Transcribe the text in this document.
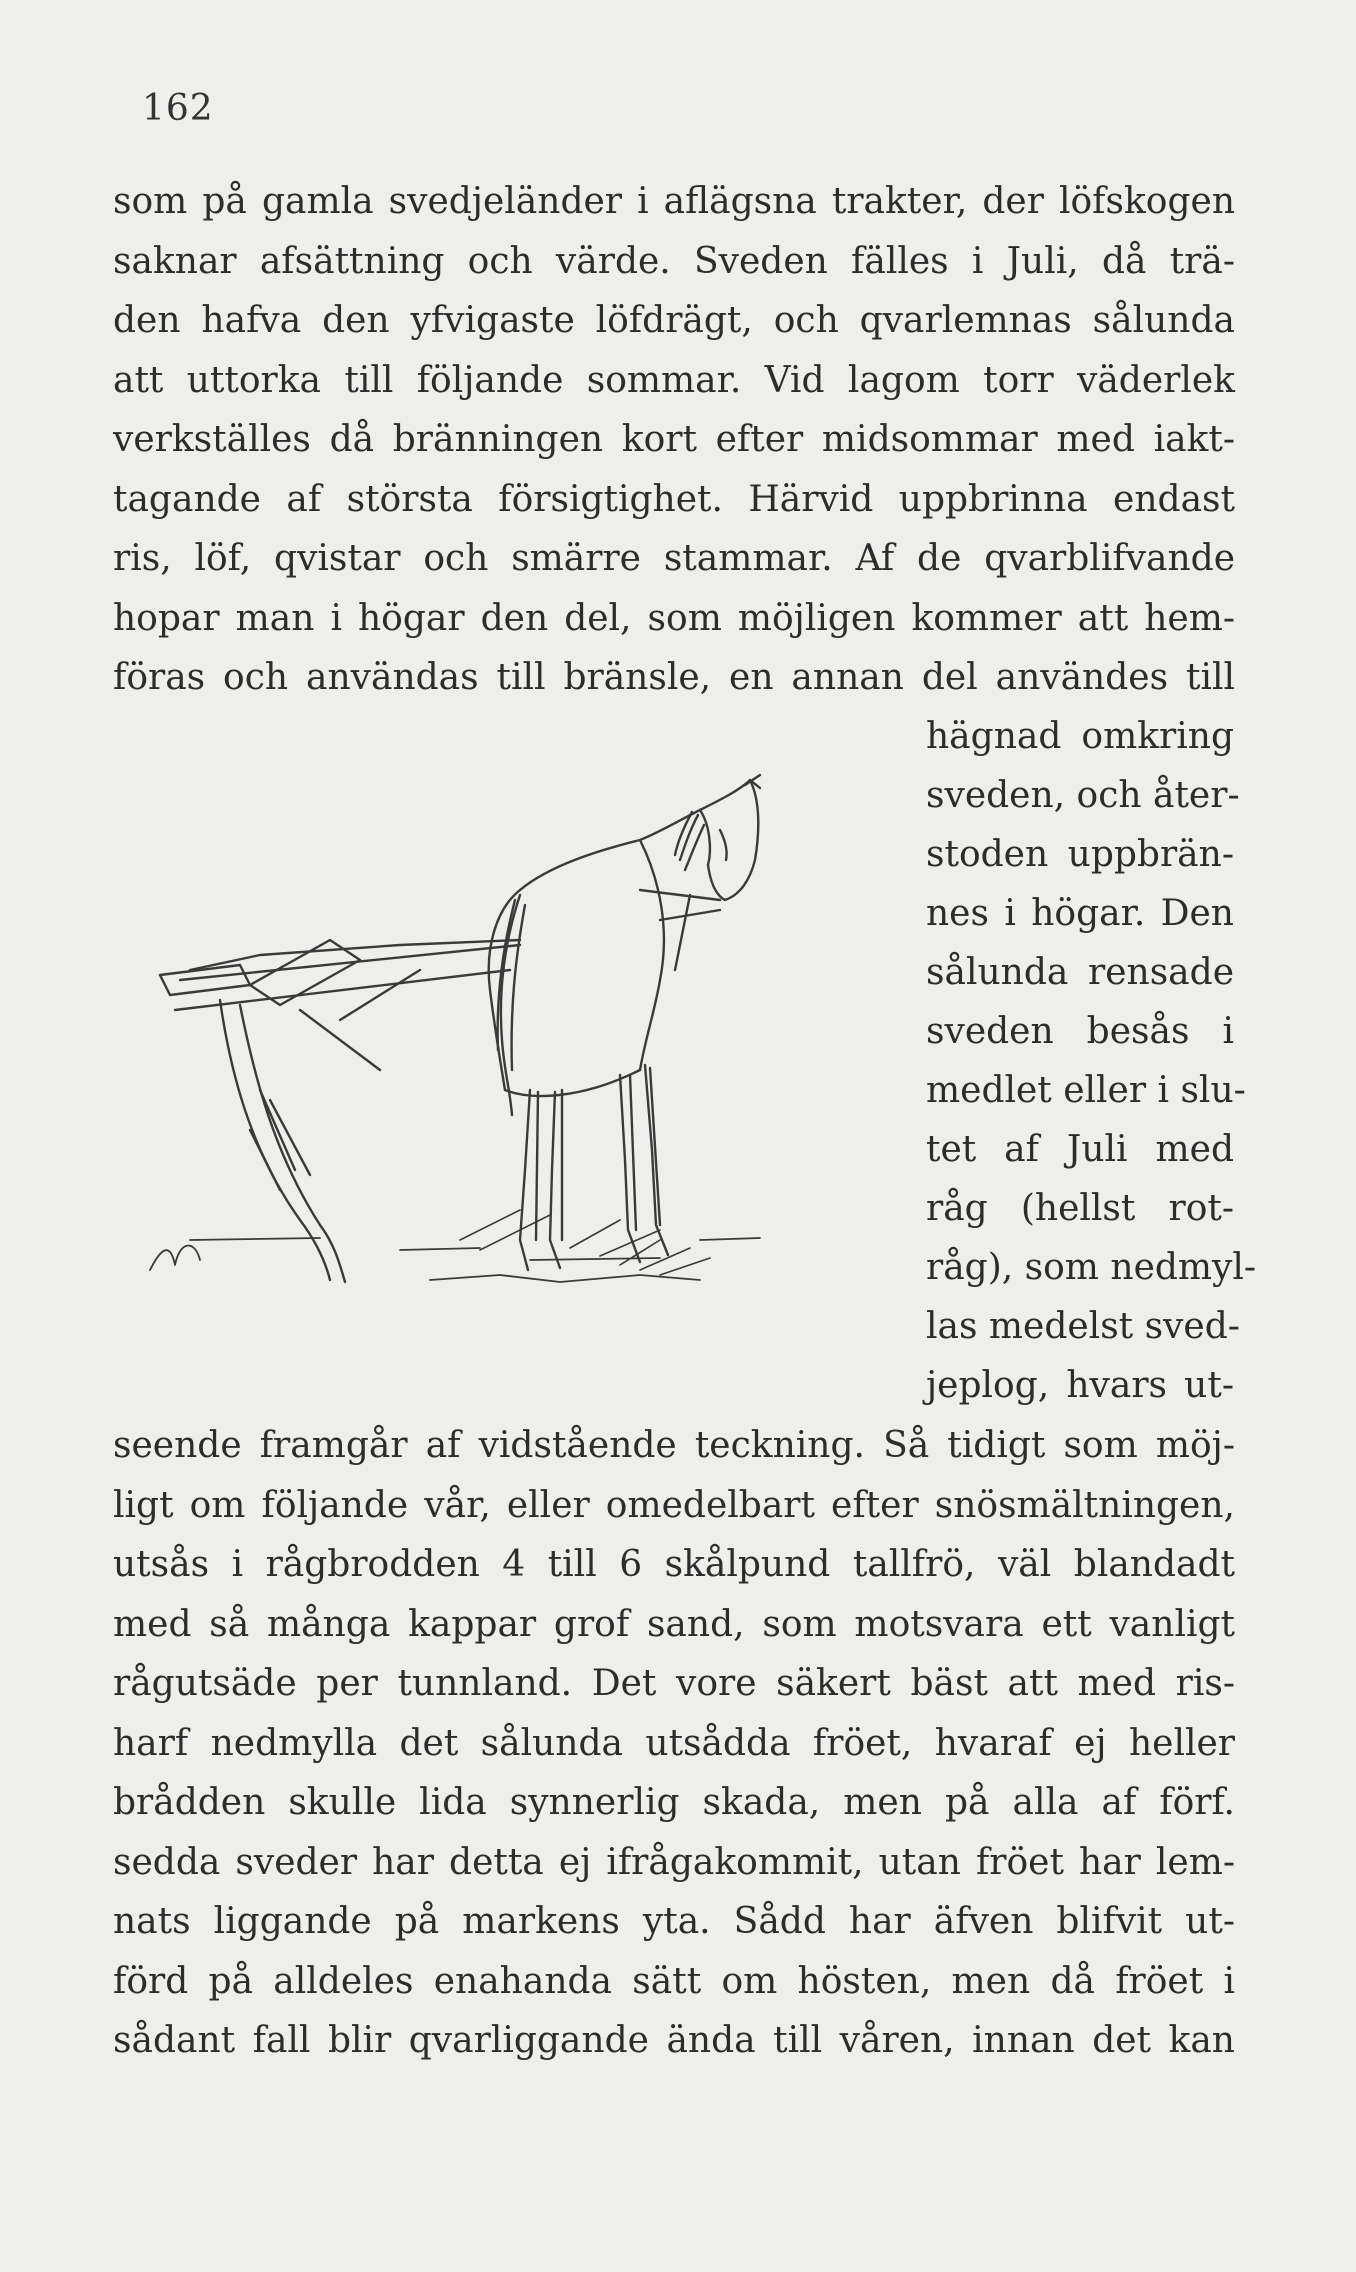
162
som på gamla svedjeländer i aflägsna trakter, der löfskogen
saknar afsättning och värde. Sveden fälles i Juli, då trä-
den hafva den yfvigaste löfdrägt, och qvarlemnas sålunda
att uttorka till följande sommar. Vid lagom torr väderlek
verkställes då bränningen kort efter midsommar med iakt-
tagande af största försigtighet. Härvid uppbrinna endast
ris, löf, qvistar och smärre stammar. Af de qvarblifvande
hopar man i högar den del, som möjligen kommer att hem-
föras och användas till bränsle, en annan del användes till
hägnad omkring
sveden, och åter-
stoden uppbrän-
nes i högar. Den
sålunda rensade
sveden besås i
medlet eller i slu-
tet af Juli med
råg (hellst rot-
råg), som nedmyl-
las medelst sved-
jeplog, hvars ut-
seende framgår af vidstående teckning. Så tidigt som möj-
ligt om följande vår, eller omedelbart efter snösmältningen,
utsås i rågbrodden 4 till 6 skålpund tallfrö, väl blandadt
med så många kappar grof sand, som motsvara ett vanligt
rågutsäde per tunnland. Det vore säkert bäst att med ris-
harf nedmylla det sålunda utsådda fröet, hvaraf ej heller
brådden skulle lida synnerlig skada, men på alla af förf.
sedda sveder har detta ej ifrågakommit, utan fröet har lem-
nats liggande på markens yta. Sådd har äfven blifvit ut-
förd på alldeles enahanda sätt om hösten, men då fröet i
sådant fall blir qvarliggande ända till våren, innan det kan
